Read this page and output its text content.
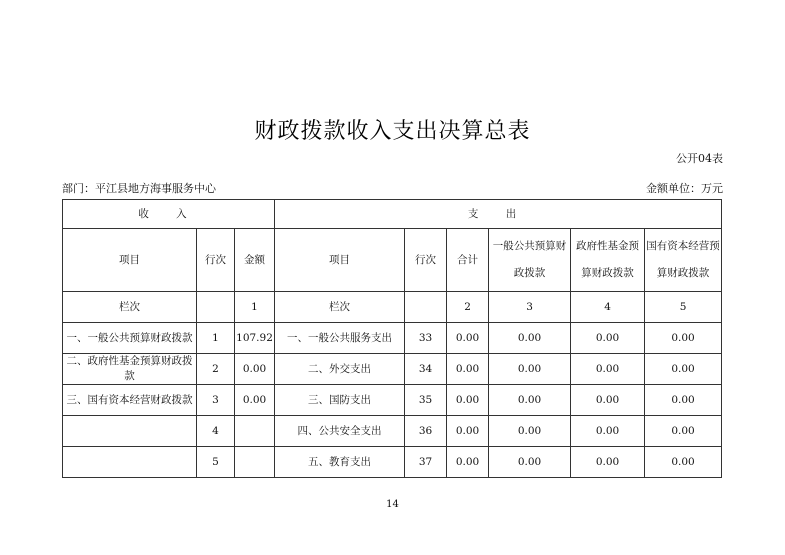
财政拨款收入支出决算总表
公开04表
部门：平江县地方海事服务中心	金额单位：万元
收 入			支 出					
项目	行次	金额	项目	行次	合计	一般公共预算财政拨款	政府性基金预算财政拨款	国有资本经营预算财政拨款
栏次		1	栏次		2	3	4	5
一、一般公共预算财政拨款	1	107.92	一、一般公共服务支出	33	0.00	0.00	0.00	0.00
二、政府性基金预算财政拨款	2	0.00	二、外交支出	34	0.00	0.00	0.00	0.00
三、国有资本经营财政拨款	3	0.00	三、国防支出	35	0.00	0.00	0.00	0.00
	4		四、公共安全支出	36	0.00	0.00	0.00	0.00
	5		五、教育支出	37	0.00	0.00	0.00	0.00
14
